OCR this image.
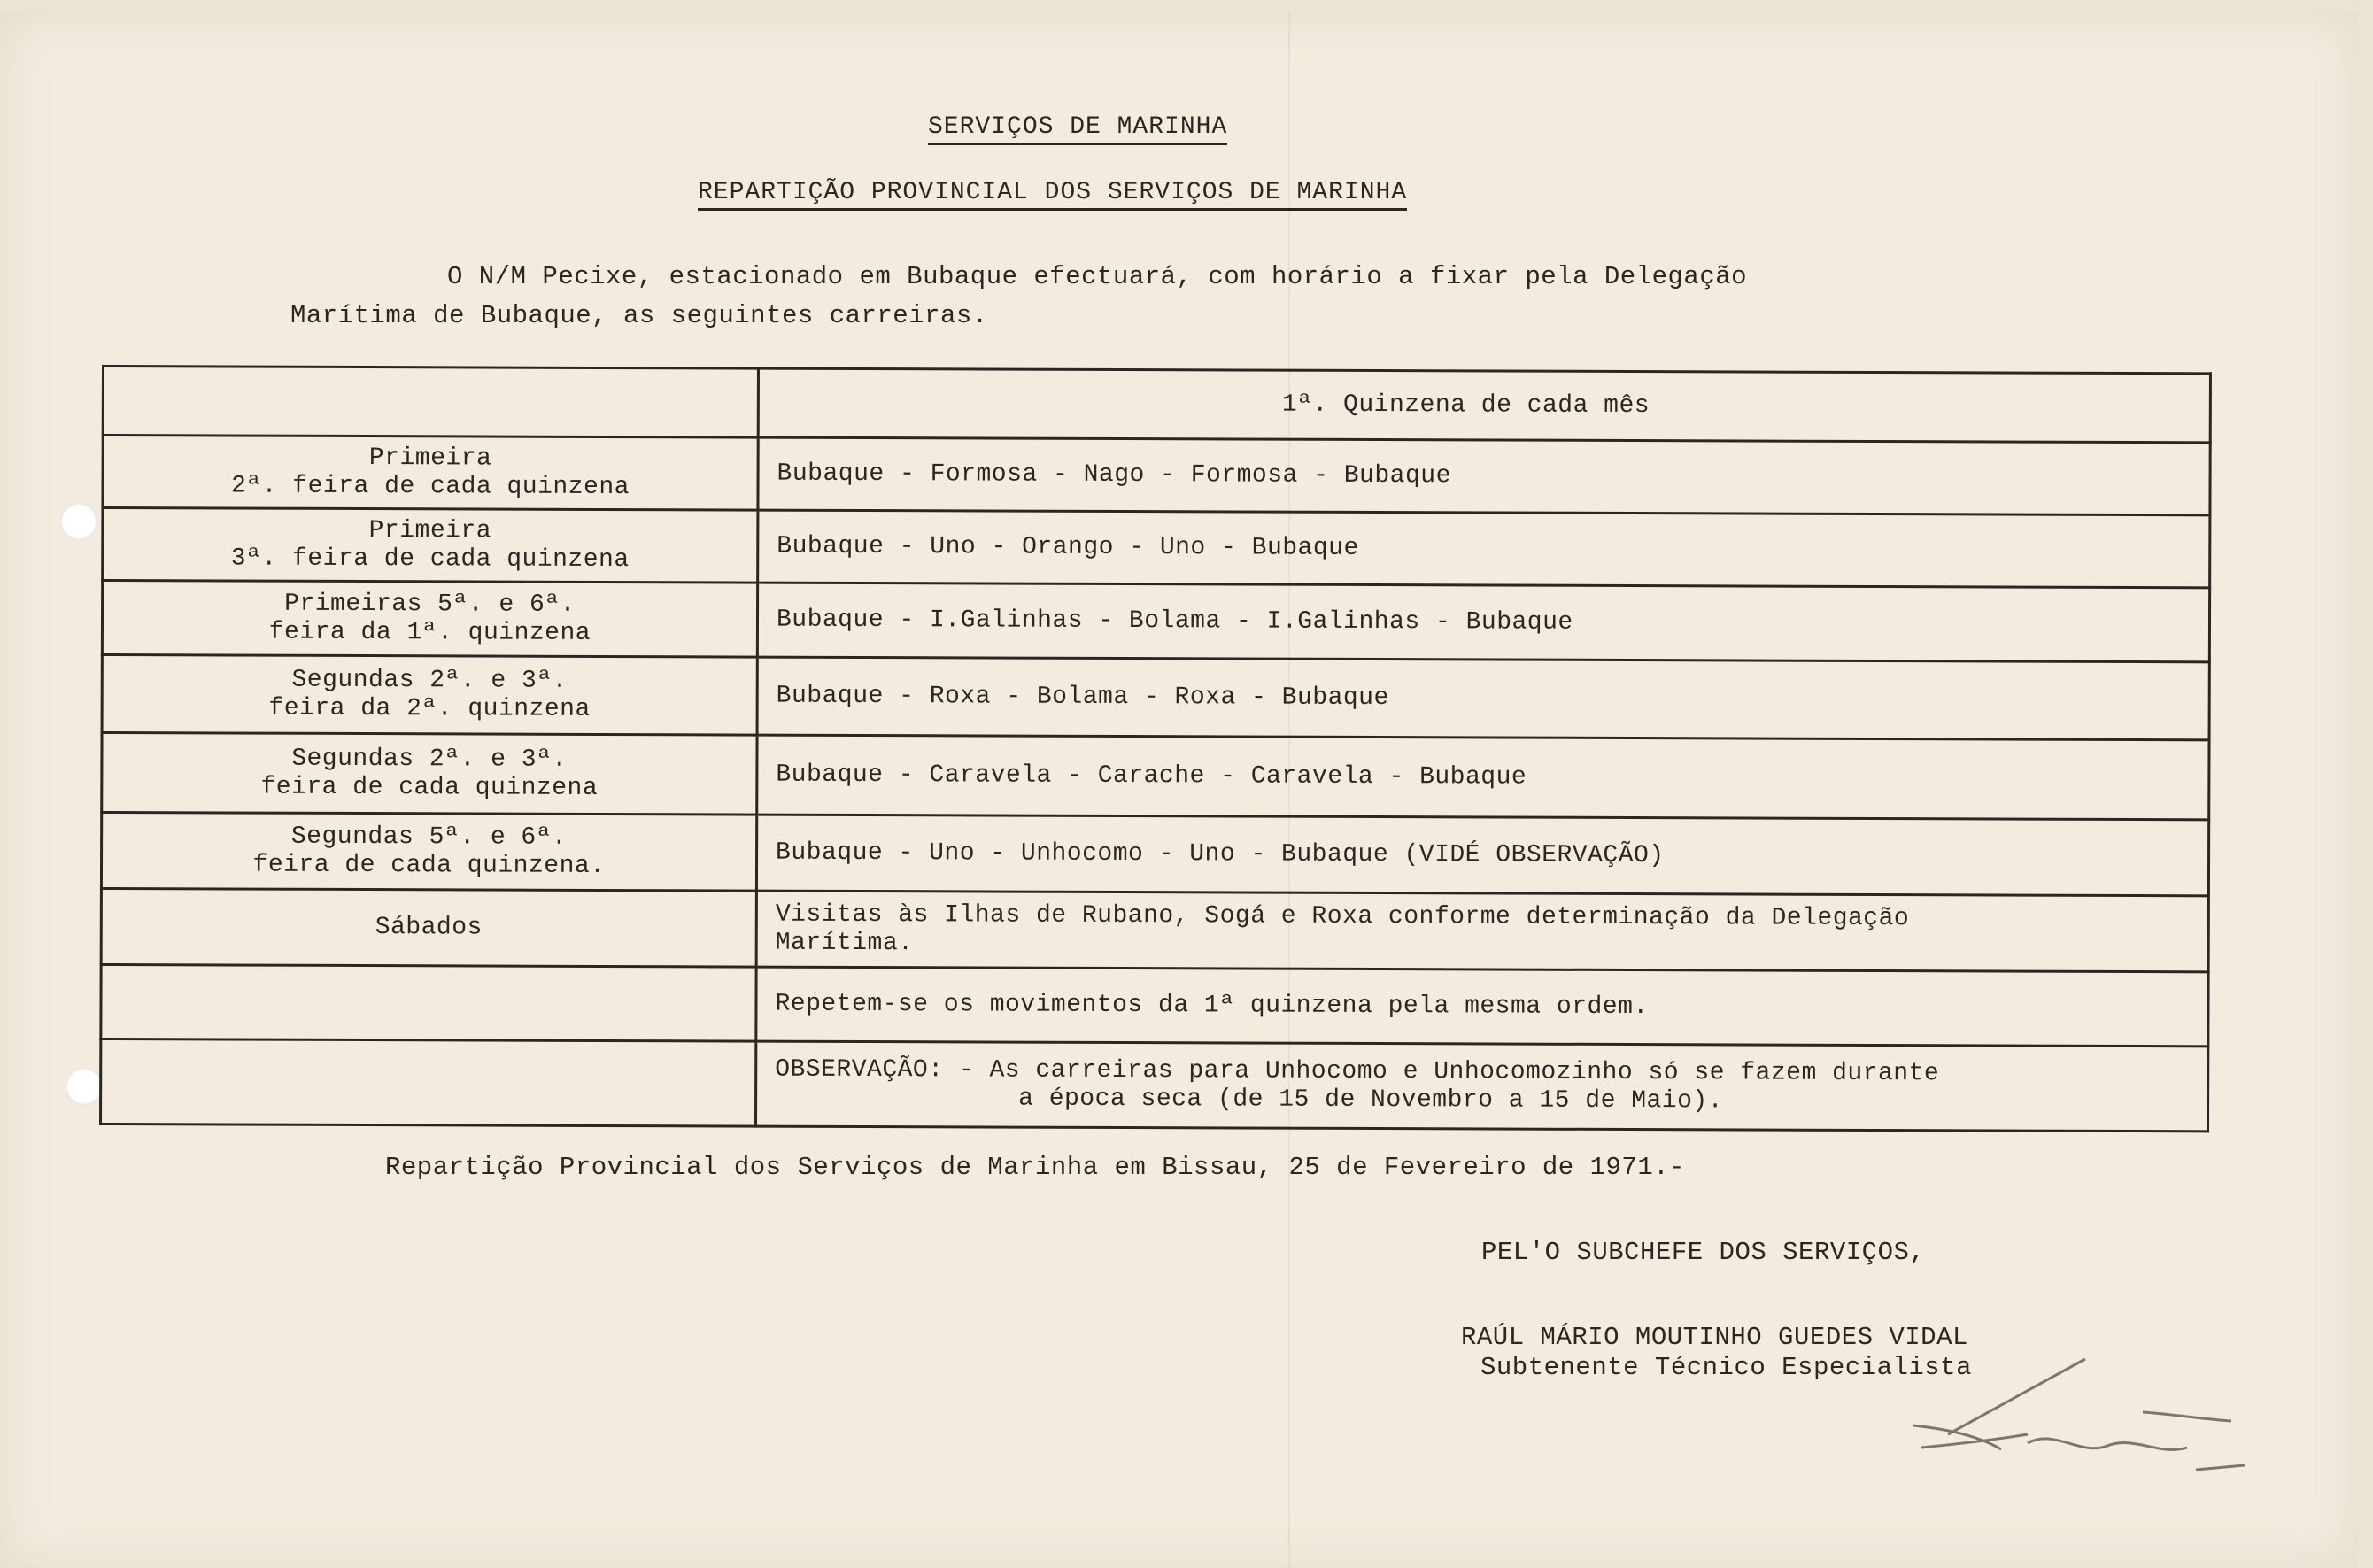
SERVIÇOS DE MARINHA
REPARTIÇÃO PROVINCIAL DOS SERVIÇOS DE MARINHA
O N/M Pecixe, estacionado em Bubaque efectuará, com horário a fixar pela Delegação
Marítima de Bubaque, as seguintes carreiras.
	1ª. Quinzena de cada mês

Primeira
2ª. feira de cada quinzena	Bubaque - Formosa - Nago - Formosa - Bubaque

Primeira
3ª. feira de cada quinzena	Bubaque - Uno - Orango - Uno - Bubaque

Primeiras 5ª. e 6ª.
feira da 1ª. quinzena	Bubaque - I.Galinhas - Bolama - I.Galinhas - Bubaque

Segundas 2ª. e 3ª.
feira da 2ª. quinzena	Bubaque - Roxa - Bolama - Roxa - Bubaque

Segundas 2ª. e 3ª.
feira de cada quinzena	Bubaque - Caravela - Carache - Caravela - Bubaque

Segundas 5ª. e 6ª.
feira de cada quinzena.	Bubaque - Uno - Unhocomo - Uno - Bubaque (VIDÉ OBSERVAÇÃO)

Sábados	Visitas às Ilhas de Rubano, Sogá e Roxa conforme determinação da Delegação
Marítima.

	Repetem-se os movimentos da 1ª quinzena pela mesma ordem.

	OBSERVAÇÃO: - As carreiras para Unhocomo e Unhocomozinho só se fazem durante
a época seca (de 15 de Novembro a 15 de Maio).
Repartição Provincial dos Serviços de Marinha em Bissau, 25 de Fevereiro de 1971.-
PEL'O SUBCHEFE DOS SERVIÇOS,
RAÚL MÁRIO MOUTINHO GUEDES VIDAL
Subtenente Técnico Especialista
